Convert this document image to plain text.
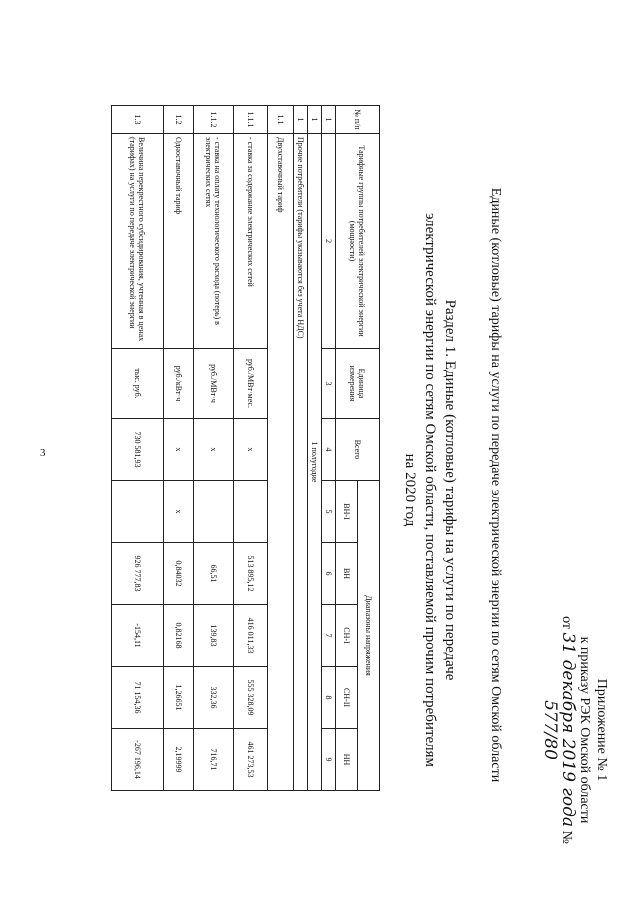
3
Приложение № 1
к приказу РЭК Омской области
от 31 декабря 2019 года № 577/80
Единые (котловые) тарифы на услуги по передаче электрической энергии по сетям Омской области
Раздел 1. Единые (котловые) тарифы на услуги по передаче
электрической энергии по сетям Омской области, поставляемой прочим потребителям
на 2020 год
№ п/п	Тарифные группы потребителей электрической энергии (мощности)	Единица измерения	Всего	Диапазоны напряжения				
				ВН-I	ВН	СН-I	СН-II	НН
1	2	3	4	5	6	7	8	9
1	1 полугодие							
1	Прочие потребители (тарифы указываются без учета НДС)							
1.1	Двухставочный тариф							
1.1.1	- ставка за содержание электрических сетей	руб./МВт·мес.	х		513 895,12	416 011,33	555 328,09	461 273,53
1.1.2	- ставка на оплату технологического расхода (потерь) в электрических сетях	руб./МВт·ч	х		66,51	139,83	332,36	716,71
1.2	Одноставочный тариф	руб./кВт·ч	х	х	0,84032	0,82168	1,26651	2,19999
1.3	Величина перекрестного субсидирования, учтенная в ценах (тарифах) на услуги по передаче электрической энергии	тыс. руб.	730 581,93		926 777,83	-154,11	71 154,36	-267 196,14
